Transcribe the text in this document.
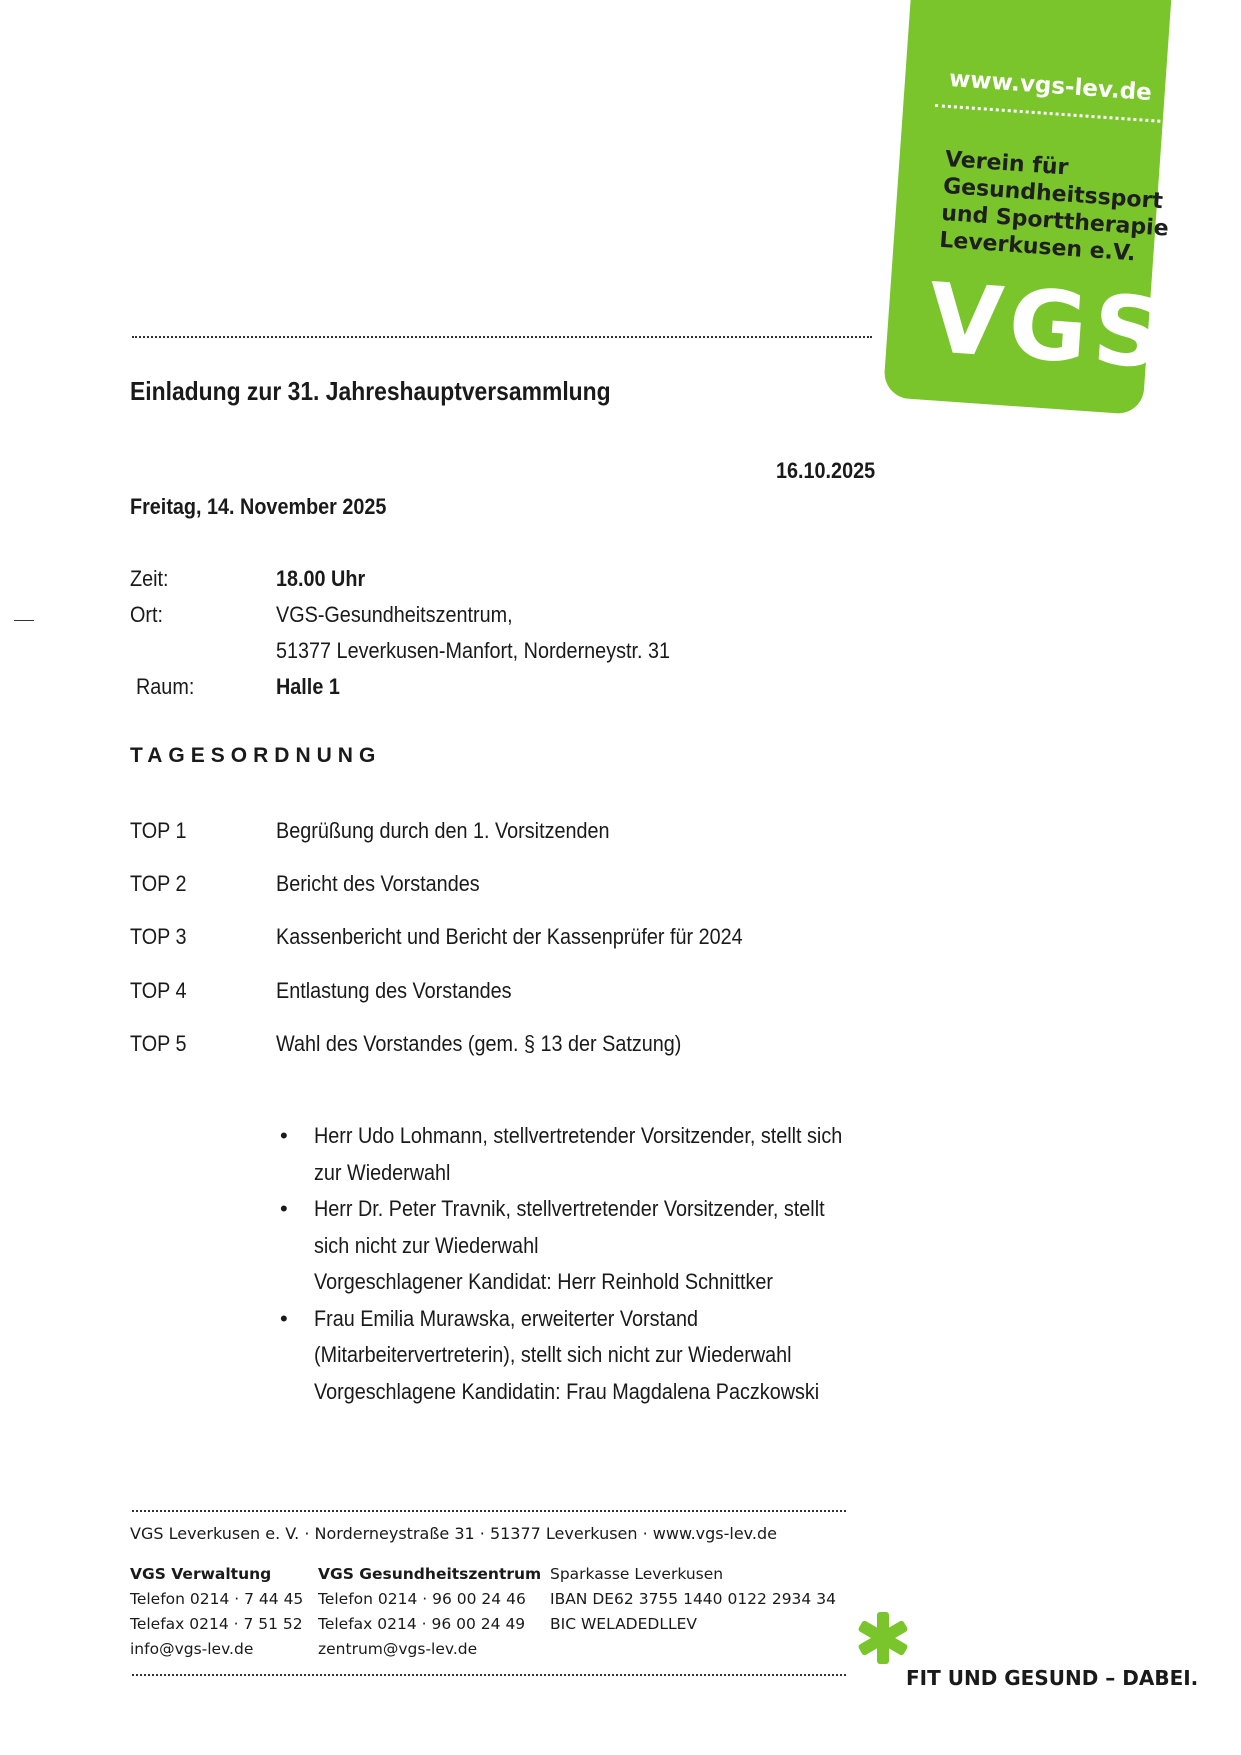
www.vgs-lev.de
Verein für
Gesundheitssport
und Sporttherapie
Leverkusen e.V.
VGS
Einladung zur 31. Jahreshauptversammlung
16.10.2025
Freitag, 14. November 2025
Zeit:	18.00 Uhr
Ort:	VGS-Gesundheitszentrum,
51377 Leverkusen-Manfort, Norderneystr. 31
Raum:	Halle 1
TAGESORDNUNG
TOP 1	Begrüßung durch den 1. Vorsitzenden
TOP 2	Bericht des Vorstandes
TOP 3	Kassenbericht und Bericht der Kassenprüfer für 2024
TOP 4	Entlastung des Vorstandes
TOP 5	Wahl des Vorstandes (gem. § 13 der Satzung)
• Herr Udo Lohmann, stellvertretender Vorsitzender, stellt sich
zur Wiederwahl
• Herr Dr. Peter Travnik, stellvertretender Vorsitzender, stellt
sich nicht zur Wiederwahl
Vorgeschlagener Kandidat: Herr Reinhold Schnittker
• Frau Emilia Murawska, erweiterter Vorstand
(Mitarbeitervertreterin), stellt sich nicht zur Wiederwahl
Vorgeschlagene Kandidatin: Frau Magdalena Paczkowski
VGS Leverkusen e. V. · Norderneystraße 31 · 51377 Leverkusen · www.vgs-lev.de
VGS Verwaltung
Telefon 0214 · 7 44 45
Telefax 0214 · 7 51 52
info@vgs-lev.de
VGS Gesundheitszentrum
Telefon 0214 · 96 00 24 46
Telefax 0214 · 96 00 24 49
zentrum@vgs-lev.de
Sparkasse Leverkusen
IBAN DE62 3755 1440 0122 2934 34
BIC WELADEDLLEV
FIT UND GESUND – DABEI.
